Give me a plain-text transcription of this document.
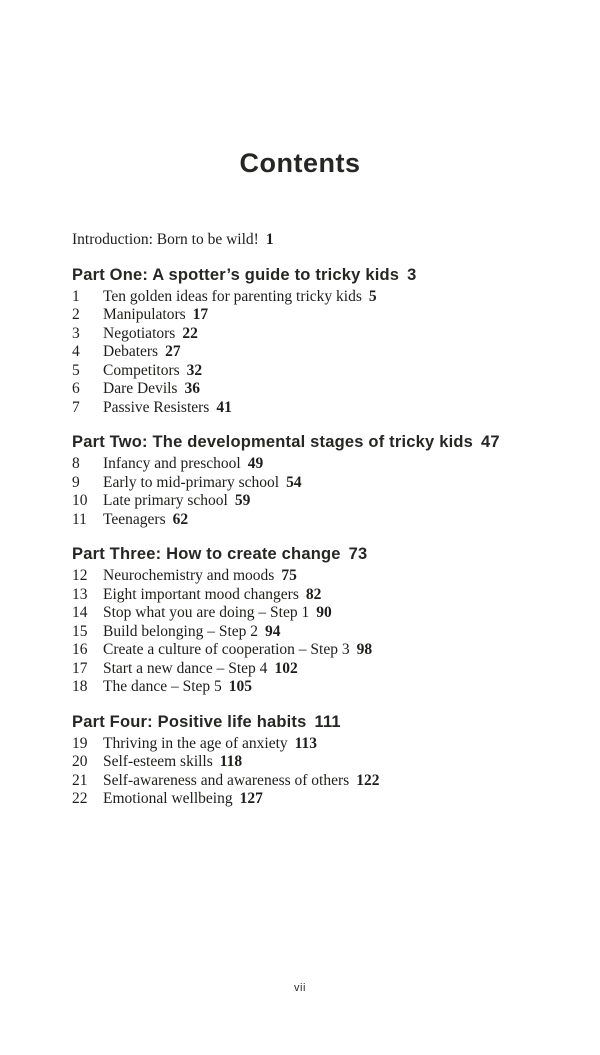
Contents
Introduction: Born to be wild! 1
Part One: A spotter’s guide to tricky kids 3
1	Ten golden ideas for parenting tricky kids 5
2	Manipulators 17
3	Negotiators 22
4	Debaters 27
5	Competitors 32
6	Dare Devils 36
7	Passive Resisters 41
Part Two: The developmental stages of tricky kids 47
8	Infancy and preschool 49
9	Early to mid-primary school 54
10	Late primary school 59
11	Teenagers 62
Part Three: How to create change 73
12	Neurochemistry and moods 75
13	Eight important mood changers 82
14	Stop what you are doing – Step 1 90
15	Build belonging – Step 2 94
16	Create a culture of cooperation – Step 3 98
17	Start a new dance – Step 4 102
18	The dance – Step 5 105
Part Four: Positive life habits 111
19	Thriving in the age of anxiety 113
20	Self-esteem skills 118
21	Self-awareness and awareness of others 122
22	Emotional wellbeing 127
vii
